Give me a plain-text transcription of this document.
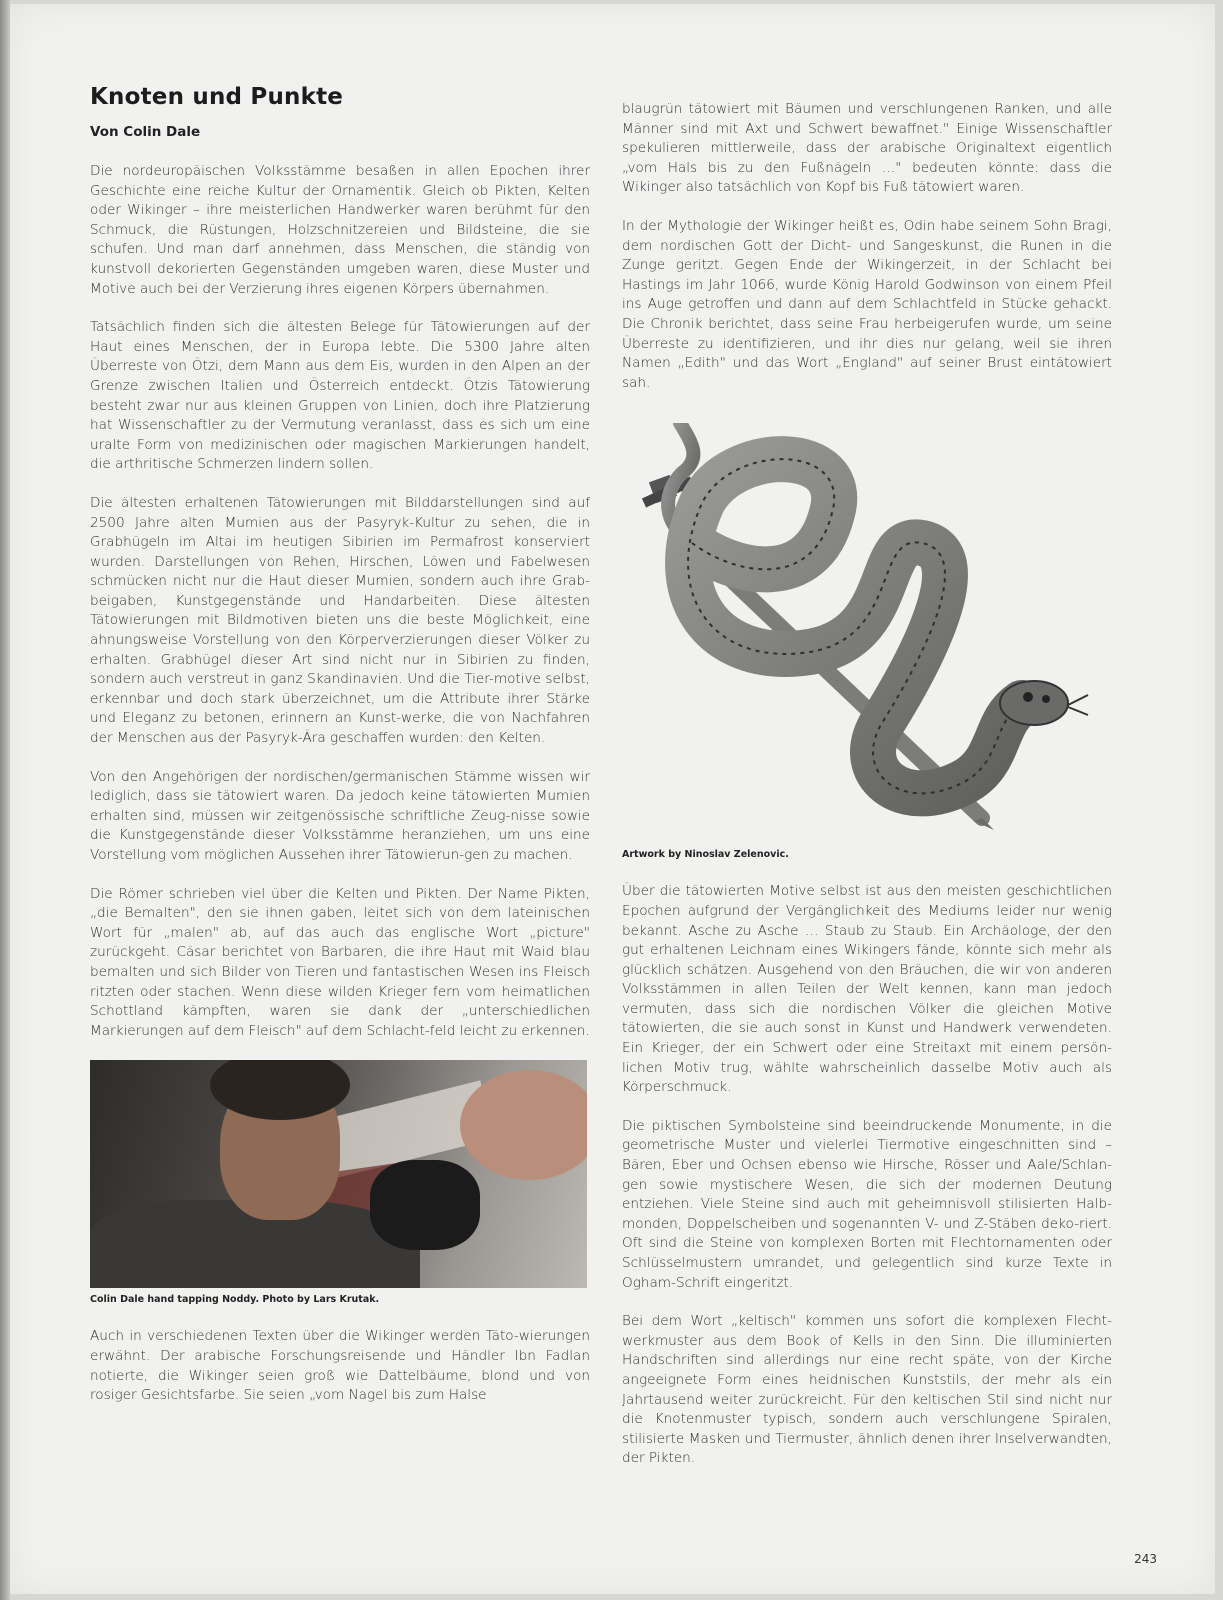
Knoten und Punkte
Von Colin Dale

Die nordeuropäischen Volksstämme besaßen in allen Epochen ihrer Geschichte eine reiche Kultur der Ornamentik. Gleich ob Pikten, Kelten oder Wikinger – ihre meisterlichen Handwerker waren berühmt für den Schmuck, die Rüstungen, Holzschnitzereien und Bildsteine, die sie schufen. Und man darf annehmen, dass Menschen, die ständig von kunstvoll dekorierten Gegenständen umgeben waren, diese Muster und Motive auch bei der Verzierung ihres eigenen Körpers übernahmen.

Tatsächlich finden sich die ältesten Belege für Tätowierungen auf der Haut eines Menschen, der in Europa lebte. Die 5300 Jahre alten Überreste von Ötzi, dem Mann aus dem Eis, wurden in den Alpen an der Grenze zwischen Italien und Österreich entdeckt. Ötzis Tätowierung besteht zwar nur aus kleinen Gruppen von Linien, doch ihre Platzierung hat Wissenschaftler zu der Vermutung veranlasst, dass es sich um eine uralte Form von medizinischen oder magischen Markierungen handelt, die arthritische Schmerzen lindern sollen.

Die ältesten erhaltenen Tätowierungen mit Bilddarstellungen sind auf 2500 Jahre alten Mumien aus der Pasyryk-Kultur zu sehen, die in Grabhügeln im Altai im heutigen Sibirien im Permafrost konserviert wurden. Darstellungen von Rehen, Hirschen, Löwen und Fabelwesen schmücken nicht nur die Haut dieser Mumien, sondern auch ihre Grab-beigaben, Kunstgegenstände und Handarbeiten. Diese ältesten Tätowierungen mit Bildmotiven bieten uns die beste Möglichkeit, eine ahnungsweise Vorstellung von den Körperverzierungen dieser Völker zu erhalten. Grabhügel dieser Art sind nicht nur in Sibirien zu finden, sondern auch verstreut in ganz Skandinavien. Und die Tier-motive selbst, erkennbar und doch stark überzeichnet, um die Attribute ihrer Stärke und Eleganz zu betonen, erinnern an Kunst-werke, die von Nachfahren der Menschen aus der Pasyryk-Ära geschaffen wurden: den Kelten.

Von den Angehörigen der nordischen/germanischen Stämme wissen wir lediglich, dass sie tätowiert waren. Da jedoch keine tätowierten Mumien erhalten sind, müssen wir zeitgenössische schriftliche Zeug-nisse sowie die Kunstgegenstände dieser Volksstämme heranziehen, um uns eine Vorstellung vom möglichen Aussehen ihrer Tätowierun-gen zu machen.

Die Römer schrieben viel über die Kelten und Pikten. Der Name Pikten, „die Bemalten", den sie ihnen gaben, leitet sich von dem lateinischen Wort für „malen" ab, auf das auch das englische Wort „picture" zurückgeht. Cäsar berichtet von Barbaren, die ihre Haut mit Waid blau bemalten und sich Bilder von Tieren und fantastischen Wesen ins Fleisch ritzten oder stachen. Wenn diese wilden Krieger fern vom heimatlichen Schottland kämpften, waren sie dank der „unterschiedlichen Markierungen auf dem Fleisch" auf dem Schlacht-feld leicht zu erkennen.

Colin Dale hand tapping Noddy. Photo by Lars Krutak.

Auch in verschiedenen Texten über die Wikinger werden Täto-wierungen erwähnt. Der arabische Forschungsreisende und Händler Ibn Fadlan notierte, die Wikinger seien groß wie Dattelbäume, blond und von rosiger Gesichtsfarbe. Sie seien „vom Nagel bis zum Halse

blaugrün tätowiert mit Bäumen und verschlungenen Ranken, und alle Männer sind mit Axt und Schwert bewaffnet." Einige Wissenschaftler spekulieren mittlerweile, dass der arabische Originaltext eigentlich „vom Hals bis zu den Fußnägeln …" bedeuten könnte: dass die Wikinger also tatsächlich von Kopf bis Fuß tätowiert waren.

In der Mythologie der Wikinger heißt es, Odin habe seinem Sohn Bragi, dem nordischen Gott der Dicht- und Sangeskunst, die Runen in die Zunge geritzt. Gegen Ende der Wikingerzeit, in der Schlacht bei Hastings im Jahr 1066, wurde König Harold Godwinson von einem Pfeil ins Auge getroffen und dann auf dem Schlachtfeld in Stücke gehackt. Die Chronik berichtet, dass seine Frau herbeigerufen wurde, um seine Überreste zu identifizieren, und ihr dies nur gelang, weil sie ihren Namen „Edith" und das Wort „England" auf seiner Brust eintätowiert sah.

Artwork by Ninoslav Zelenovic.

Über die tätowierten Motive selbst ist aus den meisten geschichtlichen Epochen aufgrund der Vergänglichkeit des Mediums leider nur wenig bekannt. Asche zu Asche … Staub zu Staub. Ein Archäologe, der den gut erhaltenen Leichnam eines Wikingers fände, könnte sich mehr als glücklich schätzen. Ausgehend von den Bräuchen, die wir von anderen Volksstämmen in allen Teilen der Welt kennen, kann man jedoch vermuten, dass sich die nordischen Völker die gleichen Motive tätowierten, die sie auch sonst in Kunst und Handwerk verwendeten. Ein Krieger, der ein Schwert oder eine Streitaxt mit einem persön-lichen Motiv trug, wählte wahrscheinlich dasselbe Motiv auch als Körperschmuck.

Die piktischen Symbolsteine sind beeindruckende Monumente, in die geometrische Muster und vielerlei Tiermotive eingeschnitten sind – Bären, Eber und Ochsen ebenso wie Hirsche, Rösser und Aale/Schlan-gen sowie mystischere Wesen, die sich der modernen Deutung entziehen. Viele Steine sind auch mit geheimnisvoll stilisierten Halb-monden, Doppelscheiben und sogenannten V- und Z-Stäben deko-riert. Oft sind die Steine von komplexen Borten mit Flechtornamenten oder Schlüsselmustern umrandet, und gelegentlich sind kurze Texte in Ogham-Schrift eingeritzt.

Bei dem Wort „keltisch" kommen uns sofort die komplexen Flecht-werkmuster aus dem Book of Kells in den Sinn. Die illuminierten Handschriften sind allerdings nur eine recht späte, von der Kirche angeeignete Form eines heidnischen Kunststils, der mehr als ein Jahrtausend weiter zurückreicht. Für den keltischen Stil sind nicht nur die Knotenmuster typisch, sondern auch verschlungene Spiralen, stilisierte Masken und Tiermuster, ähnlich denen ihrer Inselverwandten, der Pikten.

243
